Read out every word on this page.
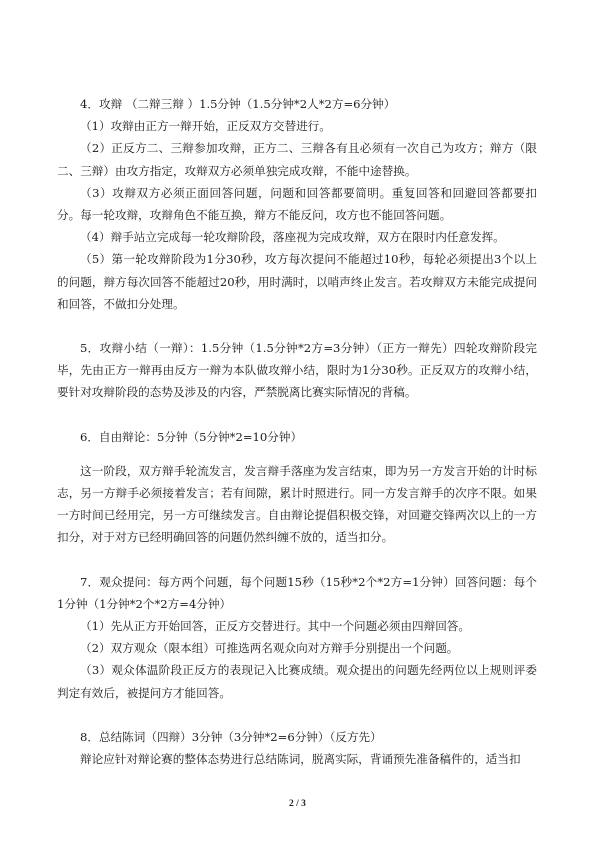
4．攻辩 （二辩三辩 ）1.5分钟（1.5分钟*2人*2方=6分钟）

（1）攻辩由正方一辩开始，正反双方交替进行。

（2）正反方二、三辩参加攻辩，正方二、三辩各有且必须有一次自己为攻方；辩方（限二、三辩）由攻方指定，攻辩双方必须单独完成攻辩，不能中途替换。

（3）攻辩双方必须正面回答问题，问题和回答都要简明。重复回答和回避回答都要扣分。每一轮攻辩，攻辩角色不能互换，辩方不能反问，攻方也不能回答问题。

（4）辩手站立完成每一轮攻辩阶段，落座视为完成攻辩，双方在限时内任意发挥。

（5）第一轮攻辩阶段为1分30秒，攻方每次提问不能超过10秒，每轮必须提出3个以上的问题，辩方每次回答不能超过20秒，用时满时，以哨声终止发言。若攻辩双方未能完成提问和回答，不做扣分处理。

5．攻辩小结（一辩）：1.5分钟（1.5分钟*2方=3分钟）（正方一辩先）四轮攻辩阶段完毕，先由正方一辩再由反方一辩为本队做攻辩小结，限时为1分30秒。正反双方的攻辩小结，要针对攻辩阶段的态势及涉及的内容，严禁脱离比赛实际情况的背稿。

6．自由辩论：5分钟（5分钟*2=10分钟）

这一阶段，双方辩手轮流发言，发言辩手落座为发言结束，即为另一方发言开始的计时标志，另一方辩手必须接着发言；若有间隙，累计时照进行。同一方发言辩手的次序不限。如果一方时间已经用完，另一方可继续发言。自由辩论提倡积极交锋，对回避交锋两次以上的一方扣分，对于对方已经明确回答的问题仍然纠缠不放的，适当扣分。

7．观众提问：每方两个问题，每个问题15秒（15秒*2个*2方=1分钟）回答问题：每个1分钟（1分钟*2个*2方=4分钟）

（1）先从正方开始回答，正反方交替进行。其中一个问题必须由四辩回答。

（2）双方观众（限本组）可推选两名观众向对方辩手分别提出一个问题。

（3）观众体温阶段正反方的表现记入比赛成绩。观众提出的问题先经两位以上规则评委判定有效后，被提问方才能回答。

8．总结陈词（四辩）3分钟（3分钟*2=6分钟）（反方先）

辩论应针对辩论赛的整体态势进行总结陈词，脱离实际，背诵预先准备稿件的，适当扣

2 / 3
